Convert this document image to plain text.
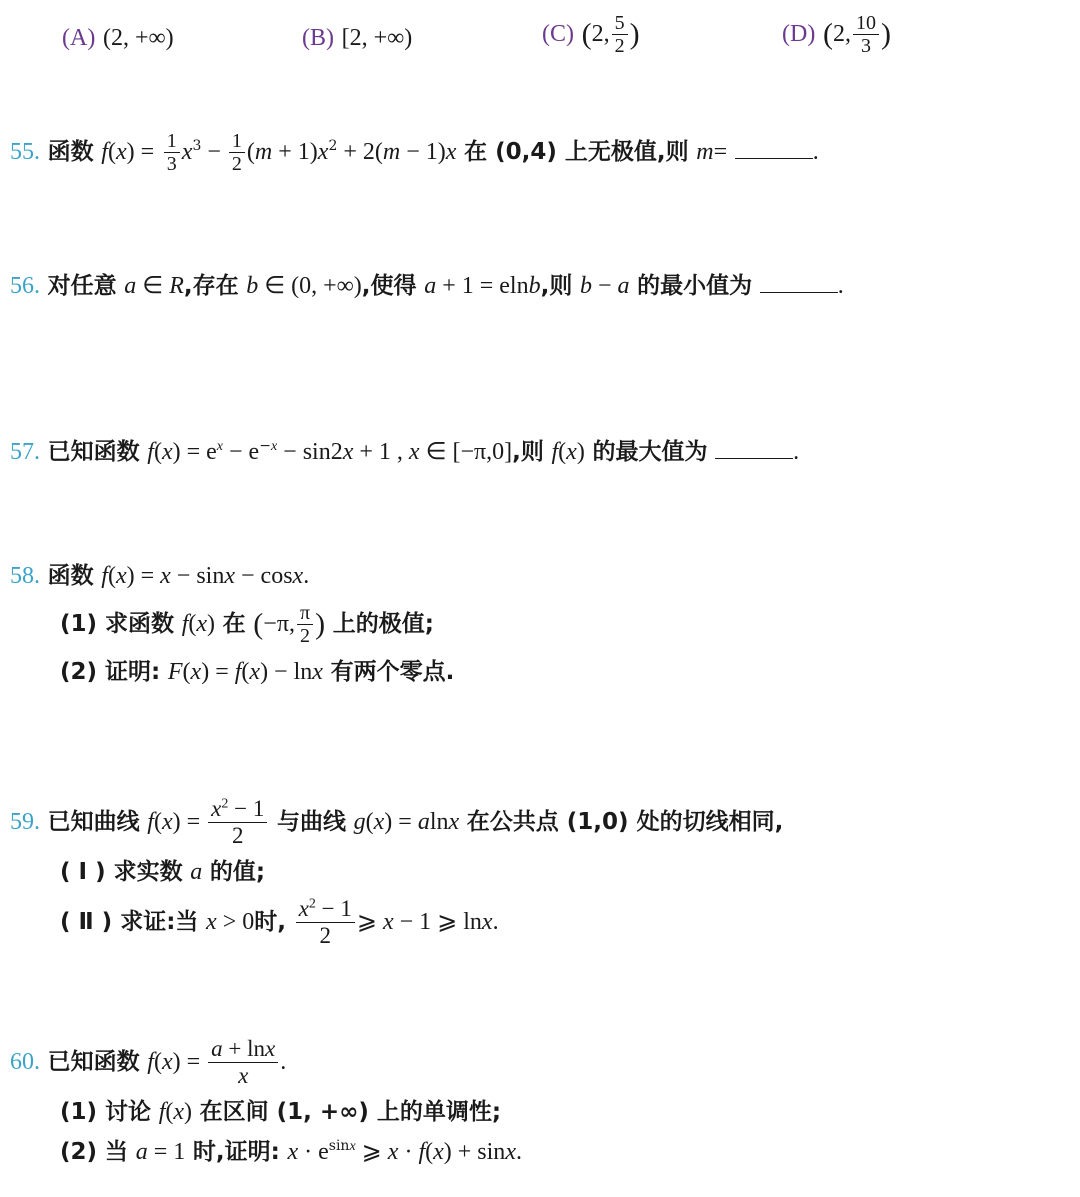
(A) (2, +∞)	(B) [2, +∞)	(C) (2, $\frac{5}{2}$ )	(D) (2, $\frac{10}{3}$ )
55. 函数 $f(x) = \frac{1}{3} x^3 - \frac{1}{2} (m + 1)x^2 + 2(m - 1)x$ 在 (0,4) 上无极值,则 m=	.
56. 对任意 a ∈ R,存在 b ∈ (0, +∞),使得 a + 1 = elnb,则 b − a 的最小值为	.
57. 已知函数 $f(x) = e^x - e^{-x} - \sin 2x + 1$ , x ∈ [−π,0],则 f(x) 的最大值为	.
58. 函数 f(x) = x − sinx − cosx.
(1) 求函数 f(x) 在 (−π, $\frac{\pi}{2}$ ) 上的极值;
(2) 证明: F(x) = f(x) − lnx 有两个零点.
59. 已知曲线 $f(x) = \frac{x^2 - 1}{2}$ 与曲线 g(x) = alnx 在公共点 (1,0) 处的切线相同,
( Ⅰ ) 求实数 a 的值;
( Ⅱ ) 求证:当 x > 0时, $\frac{x^2 - 1}{2}$ ⩾ x − 1 ⩾ lnx.
60. 已知函数 $f(x) = \frac{a + \ln x}{x}$ .
(1) 讨论 f(x) 在区间 (1, +∞) 上的单调性;
(2) 当 a = 1 时,证明: $x \cdot e^{sinx}$ ⩾ x · f(x) + sinx.
